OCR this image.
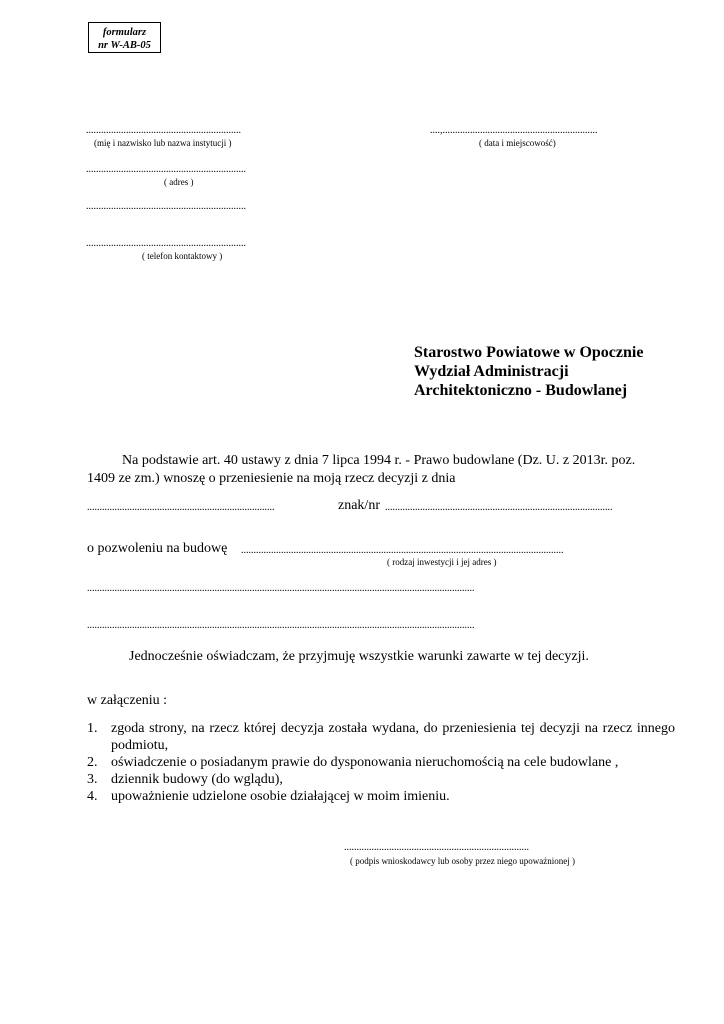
formularz
nr W-AB-05
..............................................................
(mię i nazwisko lub nazwa instytucji )
....,..............................................................
( data i miejscowość)
................................................................
( adres )
................................................................
................................................................
( telefon kontaktowy )
Starostwo Powiatowe w Opocznie
Wydział Administracji
Architektoniczno - Budowlanej
Na podstawie art. 40 ustawy z dnia 7 lipca 1994 r. - Prawo budowlane (Dz. U. z 2013r. poz.
1409 ze zm.) wnoszę o przeniesienie na moją rzecz decyzji z dnia
...........................................................................	znak/nr ...........................................................................................
o pozwoleniu na budowę .................................................................................................................................
( rodzaj inwestycji i jej adres )
...........................................................................................................................................................
...........................................................................................................................................................
Jednocześnie oświadczam, że przyjmuję wszystkie warunki zawarte w tej decyzji.
w załączeniu :
1. zgoda strony, na rzecz której decyzja została wydana, do przeniesienia tej decyzji na rzecz innego podmiotu,
2. oświadczenie o posiadanym prawie do dysponowania nieruchomością na cele budowlane ,
3. dziennik budowy (do wglądu),
4. upoważnienie udzielone osobie działającej w moim imieniu.
..........................................................................
( podpis wnioskodawcy lub osoby przez niego upoważnionej )
